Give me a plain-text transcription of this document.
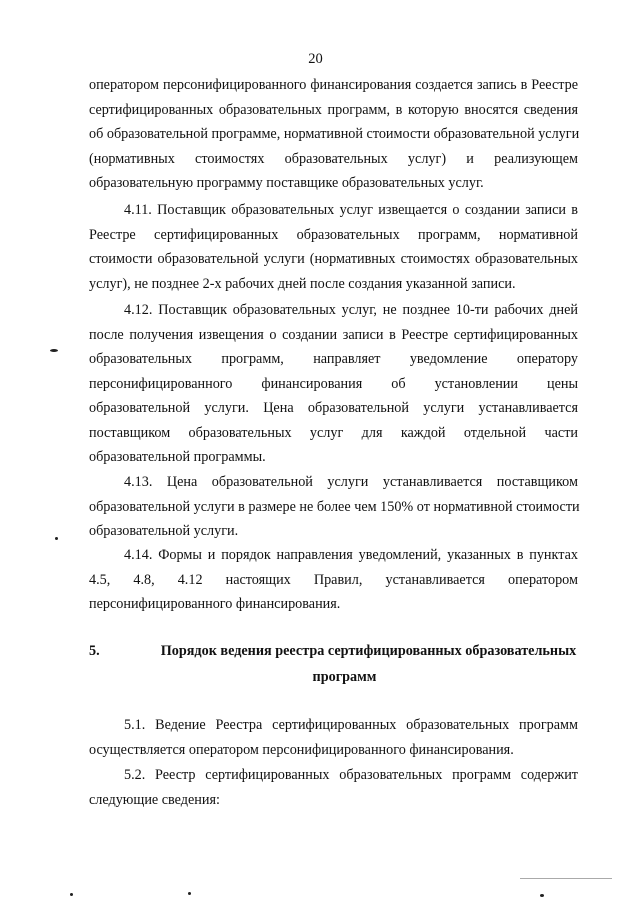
20
оператором персонифицированного финансирования создается запись в Реестре
сертифицированных образовательных программ, в которую вносятся сведения
об образовательной программе, нормативной стоимости образовательной услуги
(нормативных стоимостях образовательных услуг) и реализующем
образовательную программу поставщике образовательных услуг.
4.11. Поставщик образовательных услуг извещается о создании записи в
Реестре сертифицированных образовательных программ, нормативной
стоимости образовательной услуги (нормативных стоимостях образовательных
услуг), не позднее 2-х рабочих дней после создания указанной записи.
4.12. Поставщик образовательных услуг, не позднее 10-ти рабочих дней
после получения извещения о создании записи в Реестре сертифицированных
образовательных программ, направляет уведомление оператору
персонифицированного финансирования об установлении цены
образовательной услуги. Цена образовательной услуги устанавливается
поставщиком образовательных услуг для каждой отдельной части
образовательной программы.
4.13. Цена образовательной услуги устанавливается поставщиком
образовательной услуги в размере не более чем 150% от нормативной стоимости
образовательной услуги.
4.14. Формы и порядок направления уведомлений, указанных в пунктах
4.5, 4.8, 4.12 настоящих Правил, устанавливается оператором
персонифицированного финансирования.
5.	Порядок ведения реестра сертифицированных образовательных
программ
5.1. Ведение Реестра сертифицированных образовательных программ
осуществляется оператором персонифицированного финансирования.
5.2. Реестр сертифицированных образовательных программ содержит
следующие сведения:
